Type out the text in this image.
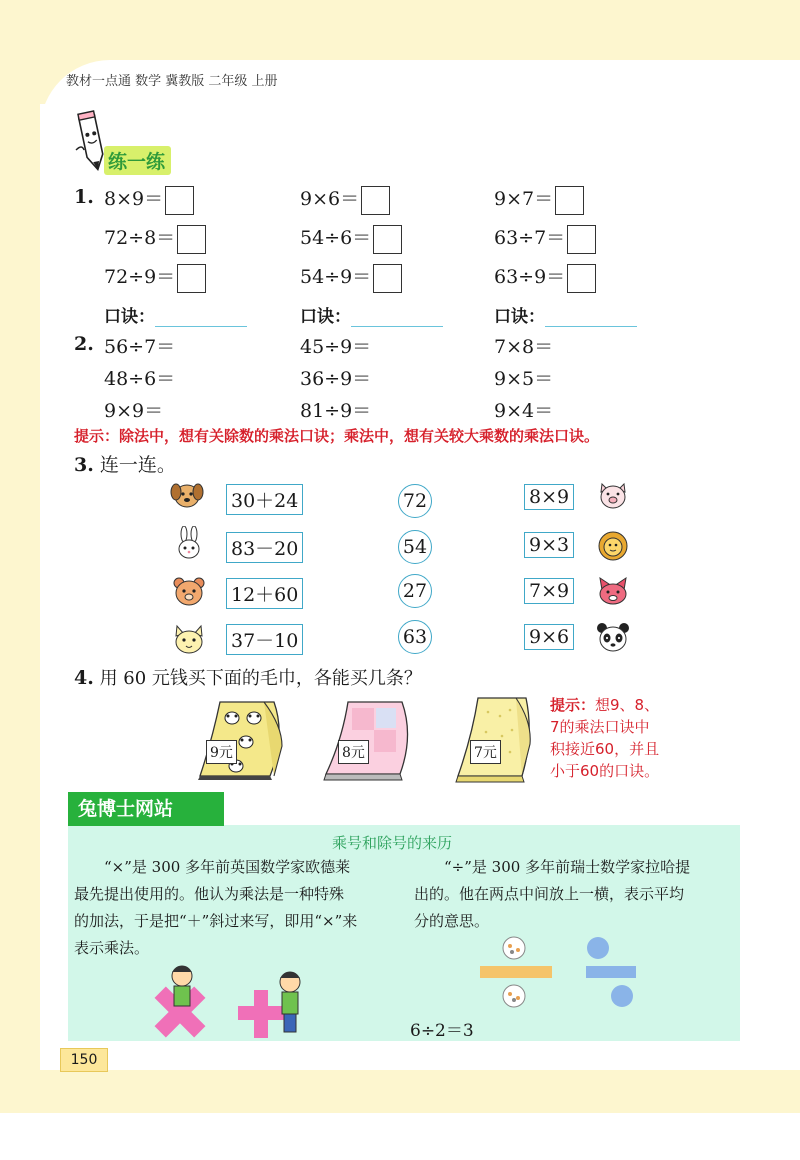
教材一点通 数学 冀教版 二年级 上册
练一练
1. 8×9＝	9×6＝	9×7＝
72÷8＝	54÷6＝	63÷7＝
72÷9＝	54÷9＝	63÷9＝
口诀：	口诀：	口诀：
2. 56÷7＝	45÷9＝	7×8＝
48÷6＝	36÷9＝	9×5＝
9×9＝	81÷9＝	9×4＝
提示：除法中，想有关除数的乘法口诀；乘法中，想有关较大乘数的乘法口诀。
3. 连一连。
30＋24
83－20
12＋60
37－10
72
54
27
63
8×9
9×3
7×9
9×6
4. 用 60 元钱买下面的毛巾，各能买几条？
9元	8元	7元
提示：想9、8、
7的乘法口诀中
积接近60，并且
小于60的口诀。
兔博士网站
乘号和除号的来历
“×”是 300 多年前英国数学家欧德莱
最先提出使用的。他认为乘法是一种特殊
的加法，于是把“＋”斜过来写，即用“×”来
表示乘法。
“÷”是 300 多年前瑞士数学家拉哈提
出的。他在两点中间放上一横，表示平均
分的意思。
6÷2＝3
150
